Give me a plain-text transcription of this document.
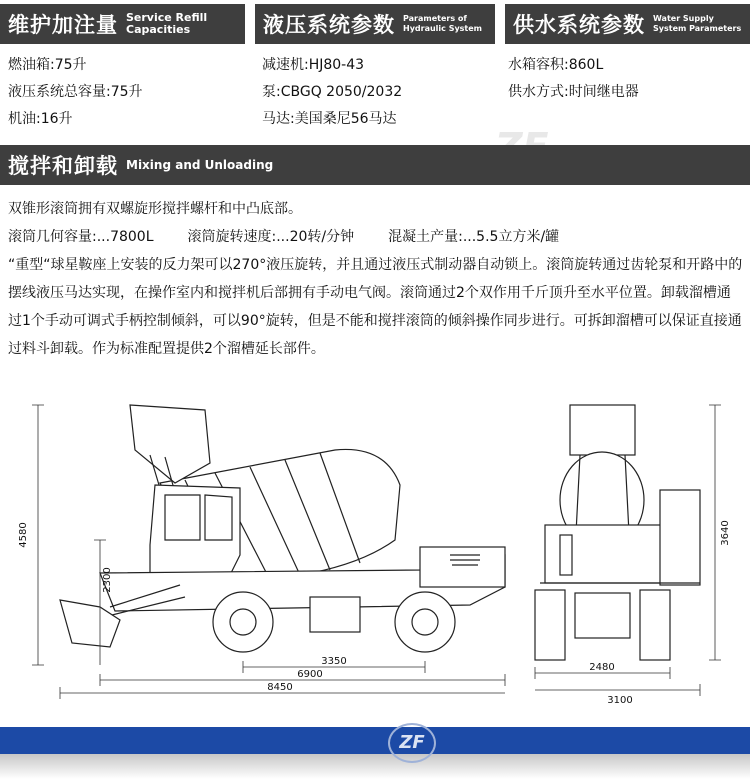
维护加注量 Service Refill
Capacities	液压系统参数 Parameters of
Hydraulic System 供水系统参数 Water Supply
System Parameters
燃油箱:75升
液压系统总容量:75升
机油:16升
减速机:HJ80-43
泵:CBGQ 2050/2032
马达:美国桑尼56马达
水箱容积:860L
供水方式:时间继电器
搅拌和卸载 Mixing and Unloading

双锥形滚筒拥有双螺旋形搅拌螺杆和中凸底部。

滚筒几何容量:...7800L 滚筒旋转速度:...20转/分钟 混凝土产量:...5.5立方米/罐

“重型“球星鞍座上安装的反力架可以270°液压旋转，并且通过液压式制动器自动锁上。滚筒旋转通过齿轮泵和开路中的摆线液压马达实现，在操作室内和搅拌机后部拥有手动电气阀。滚筒通过2个双作用千斤顶升至水平位置。卸载溜槽通过1个手动可调式手柄控制倾斜，可以90°旋转，但是不能和搅拌滚筒的倾斜操作同步进行。可拆卸溜槽可以保证直接通过料斗卸载。作为标准配置提供2个溜槽延长部件。

4580
2300
3350
6900
8450
3640
2480
3100
ZF
